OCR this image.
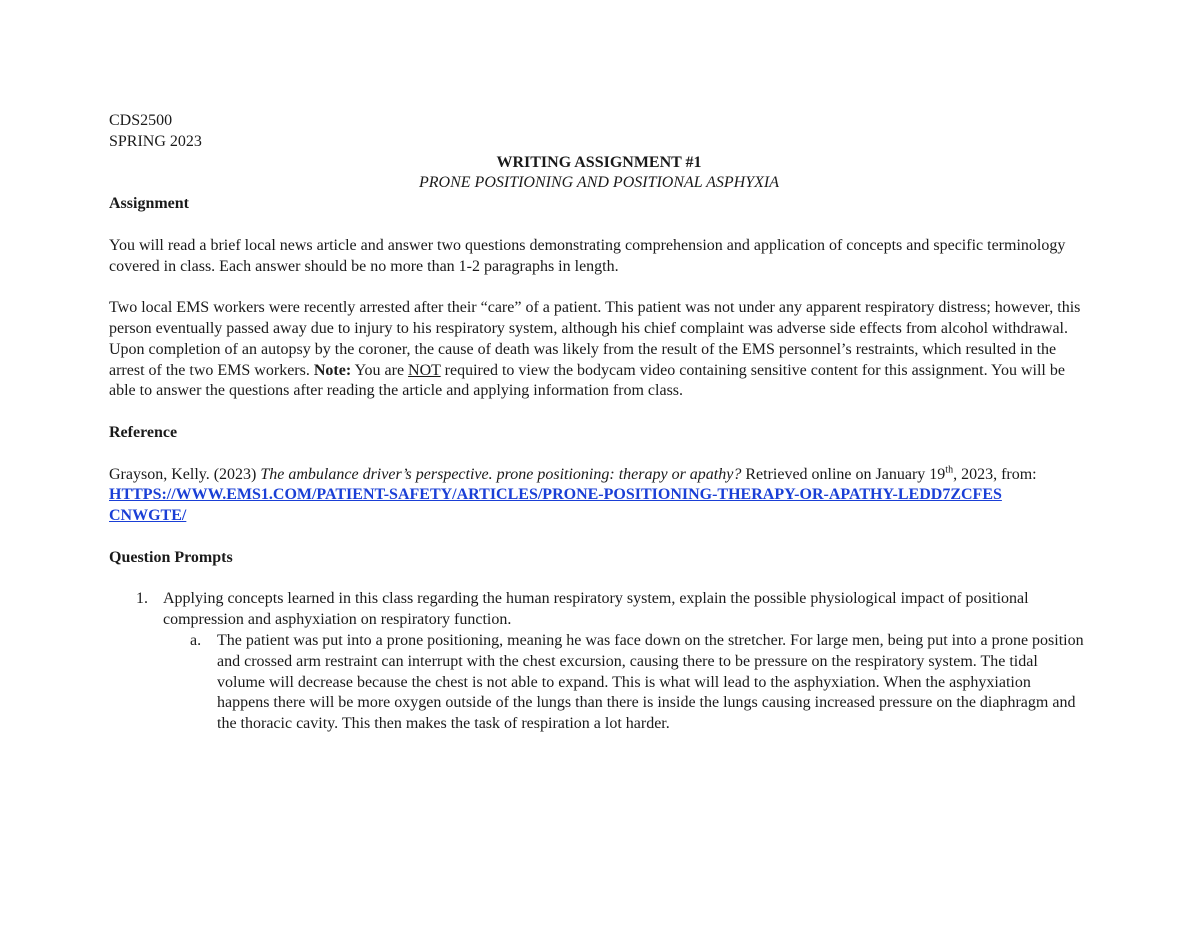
CDS2500
SPRING 2023
WRITING ASSIGNMENT #1
PRONE POSITIONING AND POSITIONAL ASPHYXIA
Assignment
You will read a brief local news article and answer two questions demonstrating comprehension and application of concepts and specific terminology covered in class. Each answer should be no more than 1-2 paragraphs in length.
Two local EMS workers were recently arrested after their “care” of a patient. This patient was not under any apparent respiratory distress; however, this person eventually passed away due to injury to his respiratory system, although his chief complaint was adverse side effects from alcohol withdrawal. Upon completion of an autopsy by the coroner, the cause of death was likely from the result of the EMS personnel’s restraints, which resulted in the arrest of the two EMS workers. Note: You are NOT required to view the bodycam video containing sensitive content for this assignment. You will be able to answer the questions after reading the article and applying information from class.
Reference
Grayson, Kelly. (2023) The ambulance driver’s perspective. prone positioning: therapy or apathy? Retrieved online on January 19th, 2023, from:
HTTPS://WWW.EMS1.COM/PATIENT-SAFETY/ARTICLES/PRONE-POSITIONING-THERAPY-OR-APATHY-LEDD7ZCFESCNWGTE/
Question Prompts
1. Applying concepts learned in this class regarding the human respiratory system, explain the possible physiological impact of positional compression and asphyxiation on respiratory function.
a. The patient was put into a prone positioning, meaning he was face down on the stretcher. For large men, being put into a prone position and crossed arm restraint can interrupt with the chest excursion, causing there to be pressure on the respiratory system. The tidal volume will decrease because the chest is not able to expand. This is what will lead to the asphyxiation. When the asphyxiation happens there will be more oxygen outside of the lungs than there is inside the lungs causing increased pressure on the diaphragm and the thoracic cavity. This then makes the task of respiration a lot harder.
